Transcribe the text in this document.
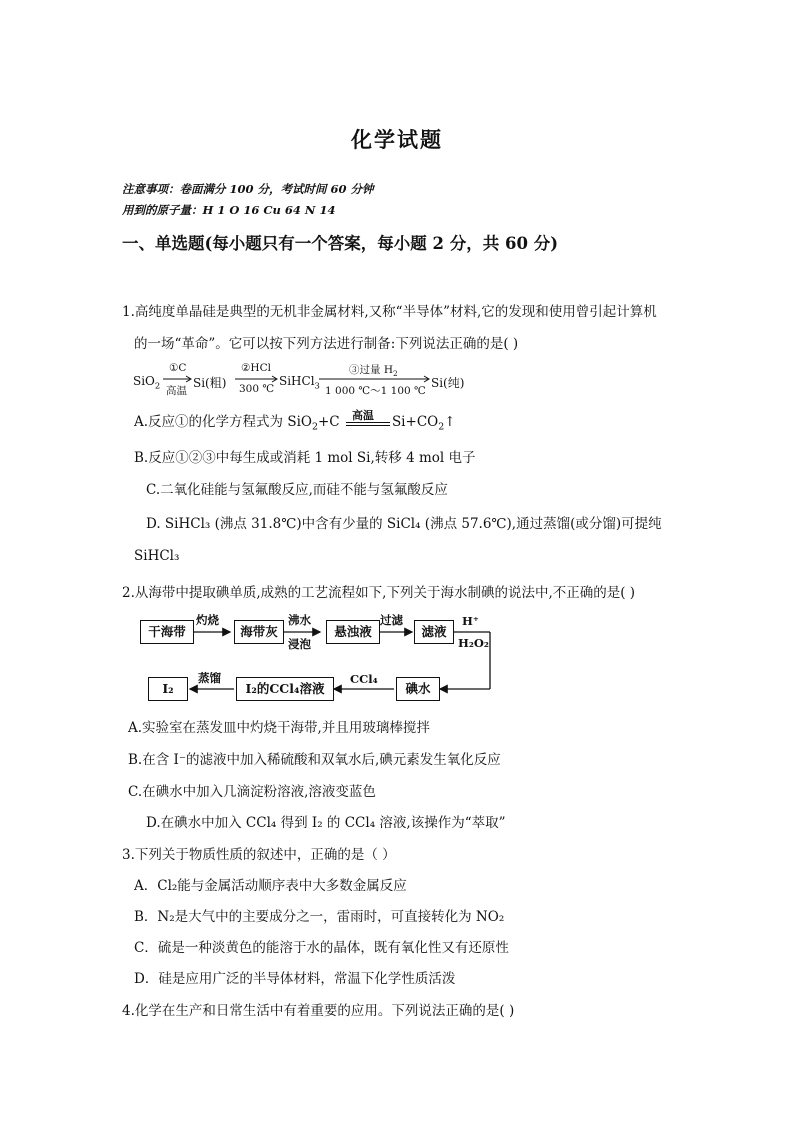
化学试题
注意事项：卷面满分 100 分，考试时间 60 分钟
用到的原子量：H 1 O 16 Cu 64 N 14
一、单选题(每小题只有一个答案，每小题 2 分，共 60 分)
1.高纯度单晶硅是典型的无机非金属材料,又称“半导体”材料,它的发现和使用曾引起计算机
的一场“革命”。它可以按下列方法进行制备:下列说法正确的是( )
SiO$_2$
①C
高温
Si(粗)
②HCl
300 ℃
SiHCl$_3$
③过量 $H_2$
1 000 ℃～1 100 ℃
Si(纯)
A.反应①的化学方程式为 SiO$_2$+C 高温 $Si+CO_2↑$
B.反应①②③中每生成或消耗 1 mol Si,转移 4 mol 电子
C.二氧化硅能与氢氟酸反应,而硅不能与氢氟酸反应
D. SiHCl₃ (沸点 31.8℃)中含有少量的 SiCl₄ (沸点 57.6℃),通过蒸馏(或分馏)可提纯
SiHCl₃
2.从海带中提取碘单质,成熟的工艺流程如下,下列关于海水制碘的说法中,不正确的是( )
干海带
灼烧
海带灰
沸水
浸泡
悬浊液
过滤
滤液
H⁺
H₂O₂
碘水
CCl₄
I₂的CCl₄溶液
蒸馏
I₂
A.实验室在蒸发皿中灼烧干海带,并且用玻璃棒搅拌
B.在含 I⁻的滤液中加入稀硫酸和双氧水后,碘元素发生氧化反应
C.在碘水中加入几滴淀粉溶液,溶液变蓝色
D.在碘水中加入 CCl₄ 得到 I₂ 的 CCl₄ 溶液,该操作为“萃取”
3.下列关于物质性质的叙述中，正确的是（ ）
A．Cl₂能与金属活动顺序表中大多数金属反应
B．N₂是大气中的主要成分之一，雷雨时，可直接转化为 NO₂
C．硫是一种淡黄色的能溶于水的晶体，既有氧化性又有还原性
D．硅是应用广泛的半导体材料，常温下化学性质活泼
4.化学在生产和日常生活中有着重要的应用。下列说法正确的是( )
